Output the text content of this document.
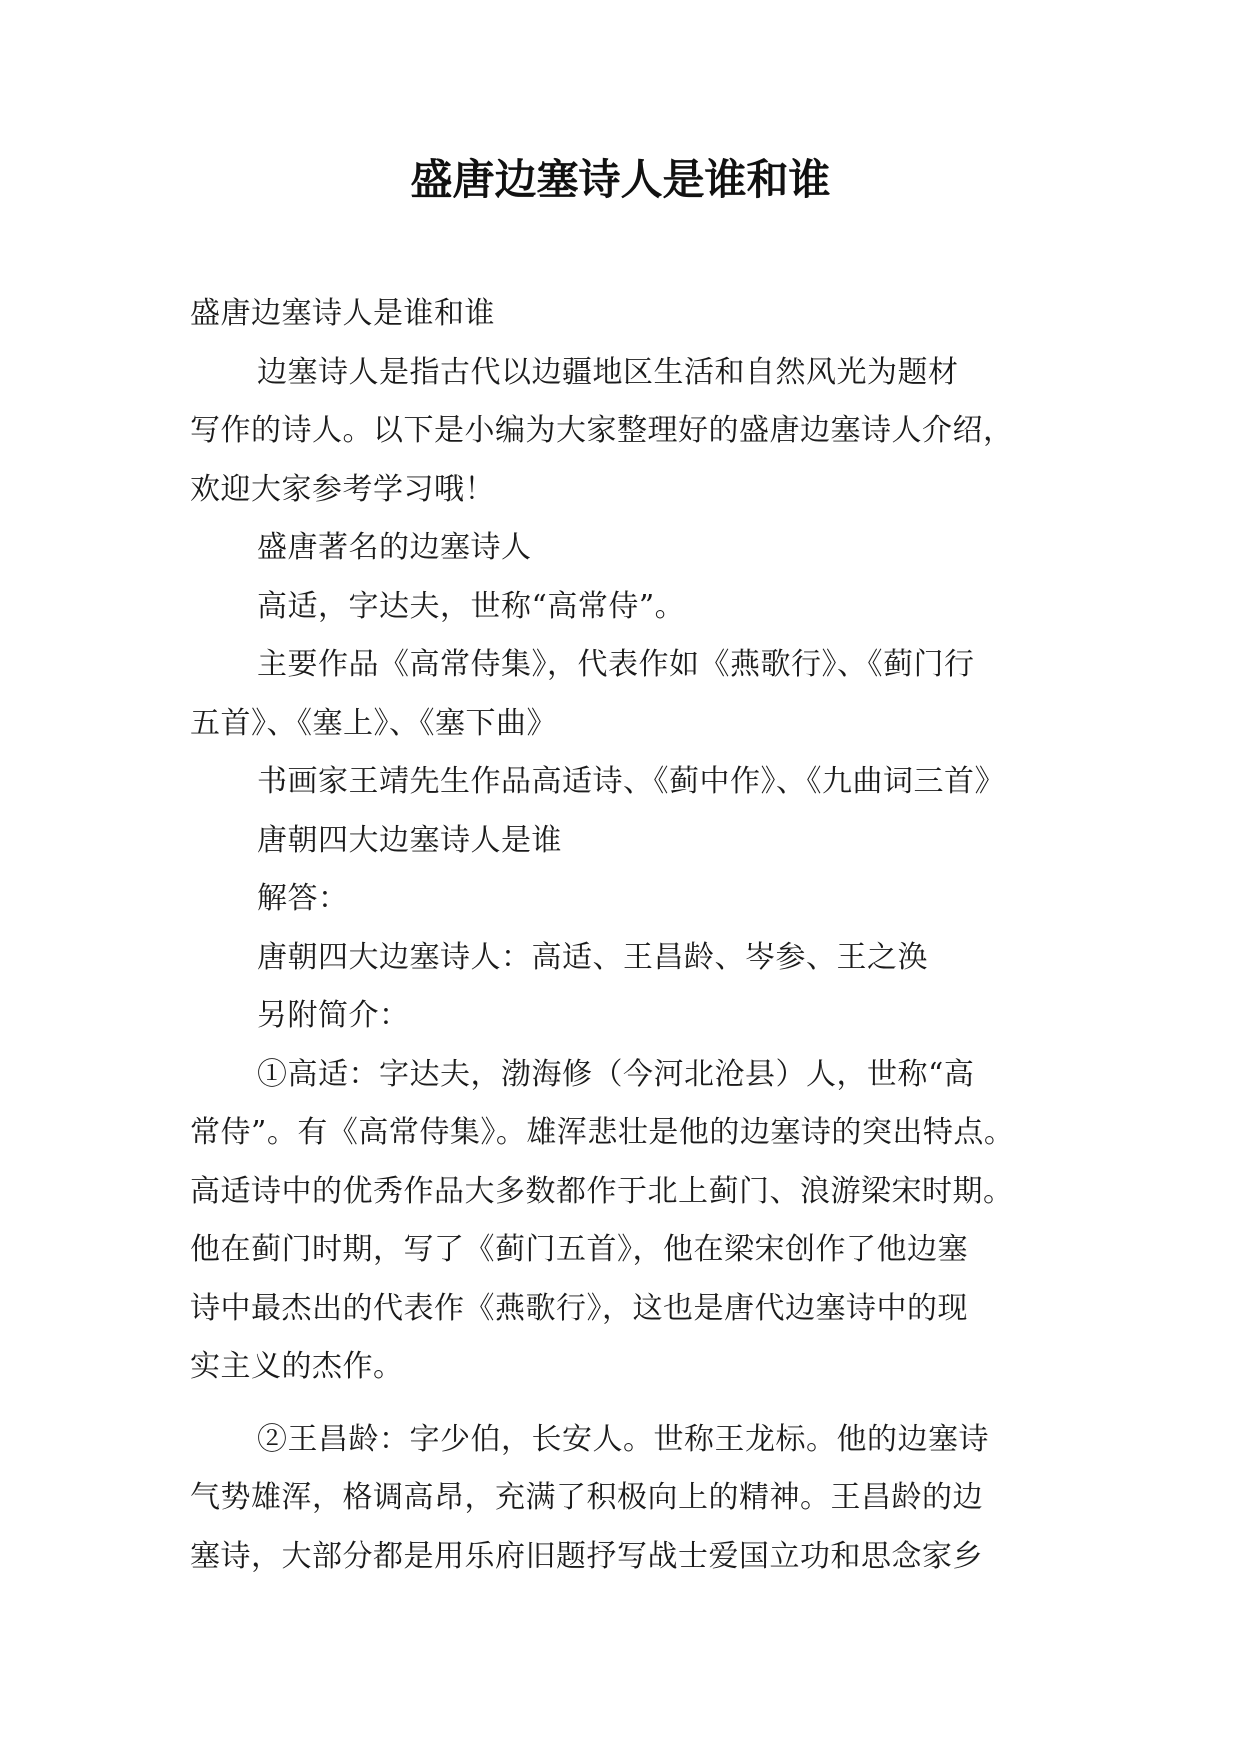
盛唐边塞诗人是谁和谁

盛唐边塞诗人是谁和谁

边塞诗人是指古代以边疆地区生活和自然风光为题材

写作的诗人。以下是小编为大家整理好的盛唐边塞诗人介绍，

欢迎大家参考学习哦！

盛唐著名的边塞诗人

高适，字达夫，世称“高常侍”。

主要作品《高常侍集》，代表作如《燕歌行》、《蓟门行

五首》、《塞上》、《塞下曲》

书画家王靖先生作品高适诗、《蓟中作》、《九曲词三首》

唐朝四大边塞诗人是谁

解答：

唐朝四大边塞诗人：高适、王昌龄、岑参、王之涣

另附简介：

①高适：字达夫，渤海修（今河北沧县）人，世称“高

常侍”。有《高常侍集》。雄浑悲壮是他的边塞诗的突出特点。

高适诗中的优秀作品大多数都作于北上蓟门、浪游梁宋时期。

他在蓟门时期，写了《蓟门五首》，他在梁宋创作了他边塞

诗中最杰出的代表作《燕歌行》，这也是唐代边塞诗中的现

实主义的杰作。

②王昌龄：字少伯，长安人。世称王龙标。他的边塞诗

气势雄浑，格调高昂，充满了积极向上的精神。王昌龄的边

塞诗，大部分都是用乐府旧题抒写战士爱国立功和思念家乡
